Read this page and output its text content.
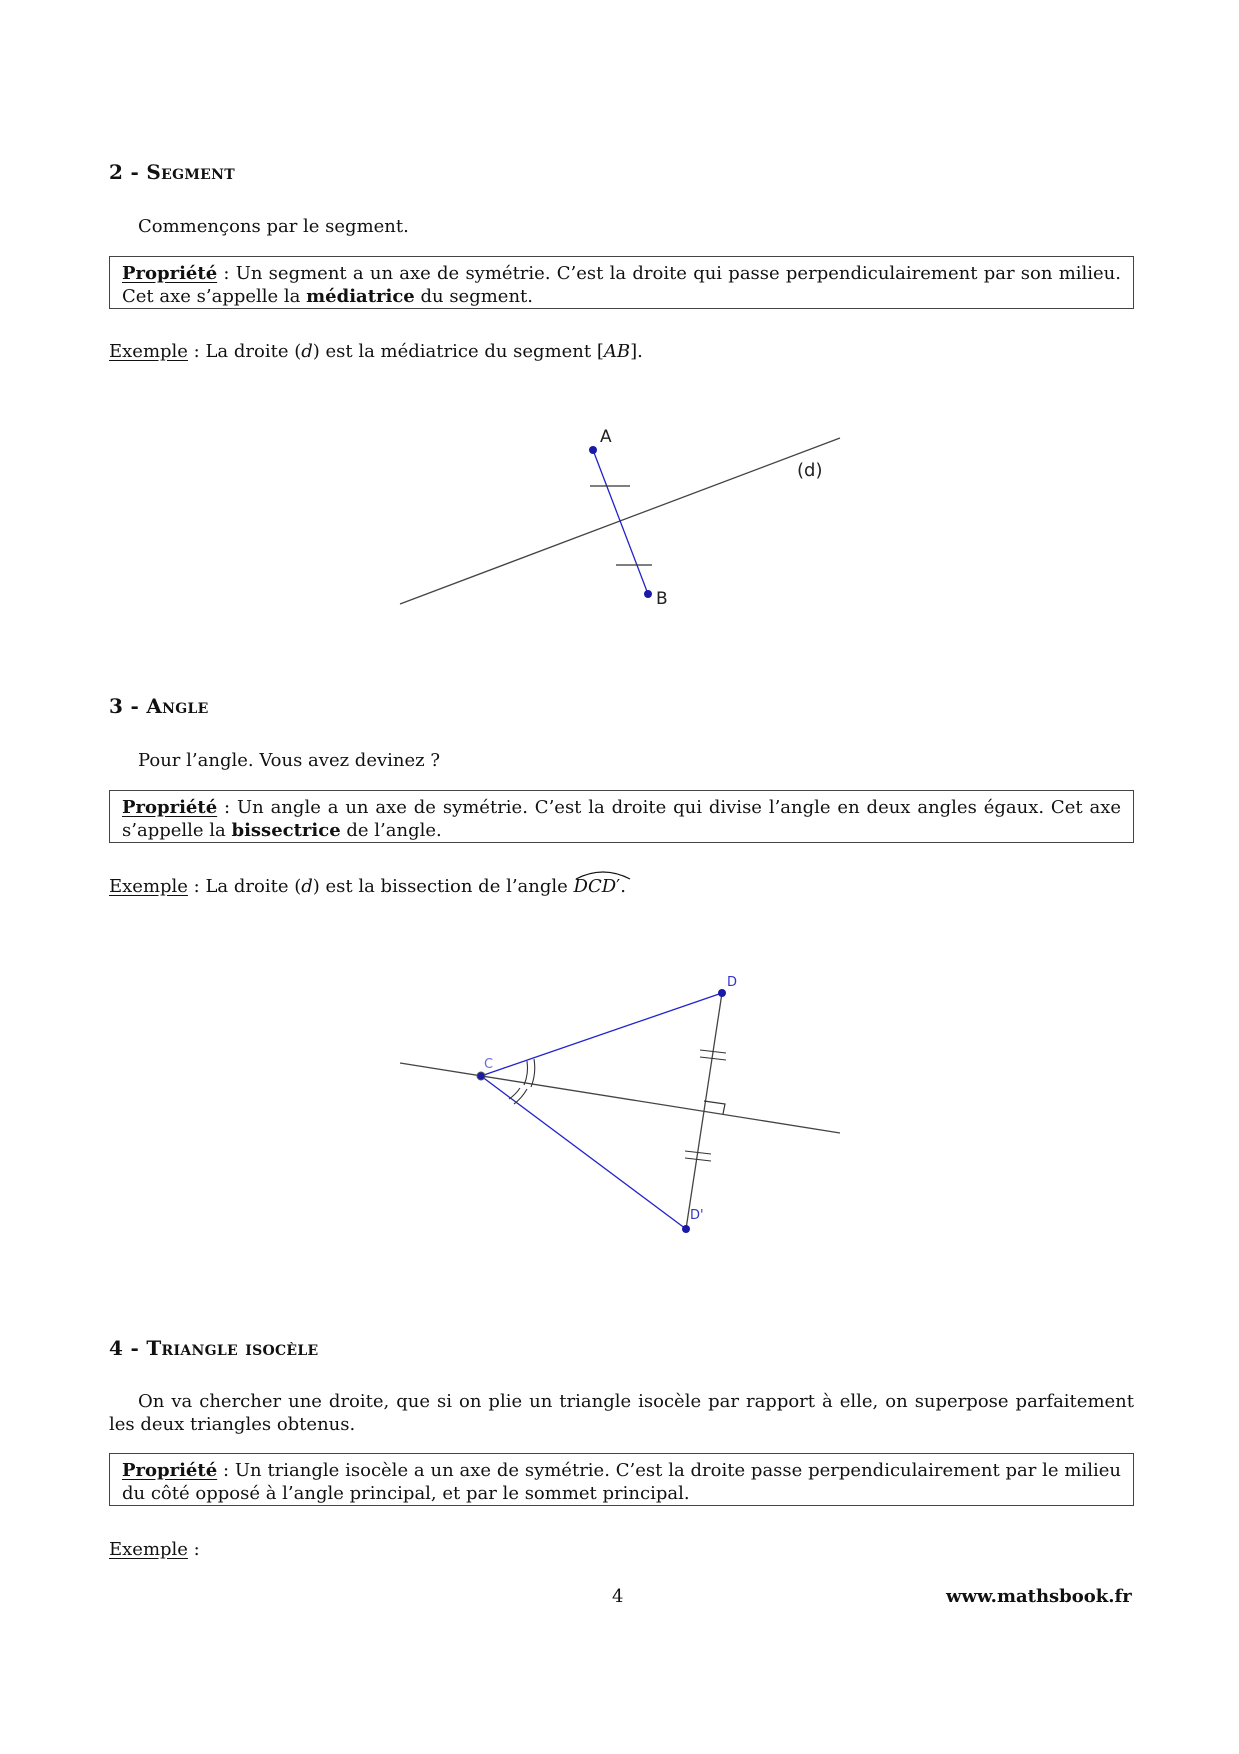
2 - Segment
Commençons par le segment.
Propriété : Un segment a un axe de symétrie. C’est la droite qui passe perpendiculairement par son milieu. Cet axe s’appelle la médiatrice du segment.
Exemple : La droite (d) est la médiatrice du segment [AB].
A
B
(d)
C
D
D'
3 - Angle
Pour l’angle. Vous avez devinez ?
Propriété : Un angle a un axe de symétrie. C’est la droite qui divise l’angle en deux angles égaux. Cet axe s’appelle la bissectrice de l’angle.
Exemple : La droite (d) est la bissection de l’angle
DCD′.
4 - Triangle isocèle
On va chercher une droite, que si on plie un triangle isocèle par rapport à elle, on superpose parfaitement les deux triangles obtenus.
Propriété : Un triangle isocèle a un axe de symétrie. C’est la droite passe perpendiculairement par le milieu du côté opposé à l’angle principal, et par le sommet principal.
Exemple :
4	www.mathsbook.fr
